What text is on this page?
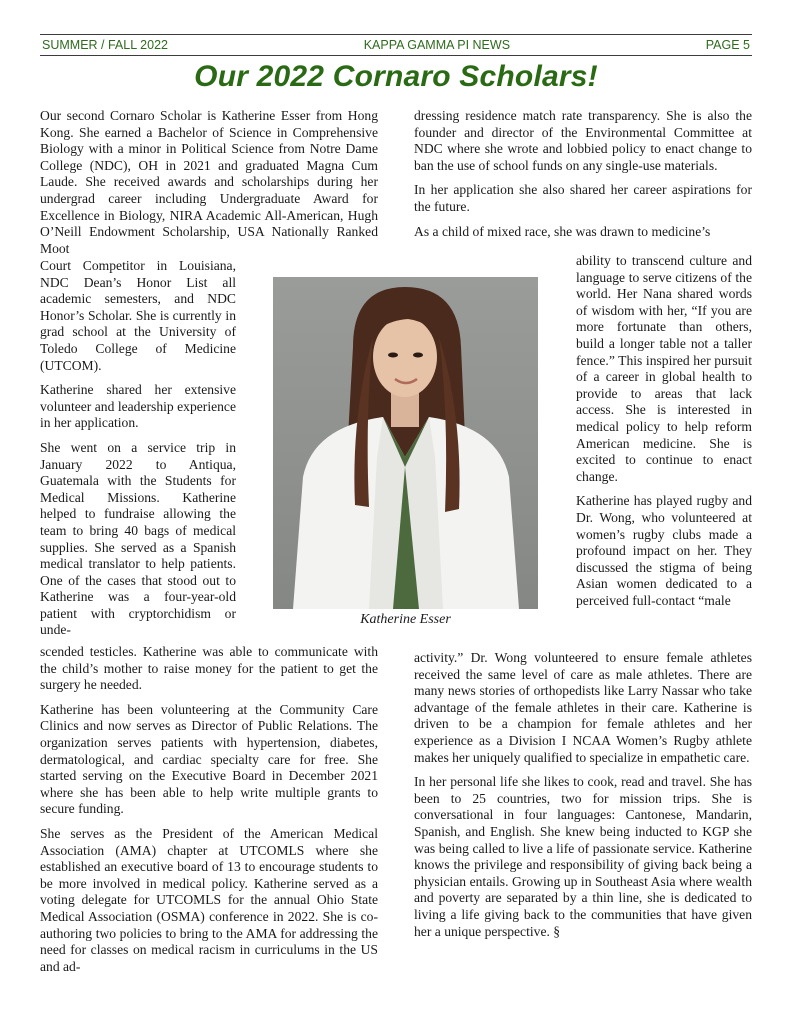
SUMMER / FALL 2022	KAPPA GAMMA PI NEWS	PAGE 5
Our 2022 Cornaro Scholars!

Our second Cornaro Scholar is Katherine Esser from Hong Kong. She earned a Bachelor of Science in Comprehensive Biology with a minor in Political Science from Notre Dame College (NDC), OH in 2021 and graduated Magna Cum Laude. She received awards and scholarships during her undergrad career including Undergraduate Award for Excellence in Biology, NIRA Academic All-American, Hugh O’Neill Endowment Scholarship, USA Nationally Ranked Moot

Court Competitor in Louisiana, NDC Dean’s Honor List all academic semesters, and NDC Honor’s Scholar. She is currently in grad school at the University of Toledo College of Medicine (UTCOM).

Katherine shared her extensive volunteer and leadership experience in her application.

She went on a service trip in January 2022 to Antiqua, Guatemala with the Students for Medical Missions. Katherine helped to fundraise allowing the team to bring 40 bags of medical supplies. She served as a Spanish medical translator to help patients. One of the cases that stood out to Katherine was a four-year-old patient with cryptorchidism or unde-

scended testicles. Katherine was able to communicate with the child’s mother to raise money for the patient to get the surgery he needed.

Katherine has been volunteering at the Community Care Clinics and now serves as Director of Public Relations. The organization serves patients with hypertension, diabetes, dermatological, and cardiac specialty care for free. She started serving on the Executive Board in December 2021 where she has been able to help write multiple grants to secure funding.

She serves as the President of the American Medical Association (AMA) chapter at UTCOMLS where she established an executive board of 13 to encourage students to be more involved in medical policy. Katherine served as a voting delegate for UTCOMLS for the annual Ohio State Medical Association (OSMA) conference in 2022. She is co-authoring two policies to bring to the AMA for addressing the need for classes on medical racism in curriculums in the US and ad-

Katherine Esser

dressing residence match rate transparency. She is also the founder and director of the Environmental Committee at NDC where she wrote and lobbied policy to enact change to ban the use of school funds on any single-use materials.

In her application she also shared her career aspirations for the future.

As a child of mixed race, she was drawn to medicine’s

ability to transcend culture and language to serve citizens of the world. Her Nana shared words of wisdom with her, “If you are more fortunate than others, build a longer table not a taller fence.” This inspired her pursuit of a career in global health to provide to areas that lack access. She is interested in medical policy to help reform American medicine. She is excited to continue to enact change.

Katherine has played rugby and Dr. Wong, who volunteered at women’s rugby clubs made a profound impact on her. They discussed the stigma of being Asian women dedicated to a perceived full-contact “male

activity.” Dr. Wong volunteered to ensure female athletes received the same level of care as male athletes. There are many news stories of orthopedists like Larry Nassar who take advantage of the female athletes in their care. Katherine is driven to be a champion for female athletes and her experience as a Division I NCAA Women’s Rugby athlete makes her uniquely qualified to specialize in empathetic care.

In her personal life she likes to cook, read and travel. She has been to 25 countries, two for mission trips. She is conversational in four languages: Cantonese, Mandarin, Spanish, and English. She knew being inducted to KGP she was being called to live a life of passionate service. Katherine knows the privilege and responsibility of giving back being a physician entails. Growing up in Southeast Asia where wealth and poverty are separated by a thin line, she is dedicated to living a life giving back to the communities that have given her a unique perspective. §
